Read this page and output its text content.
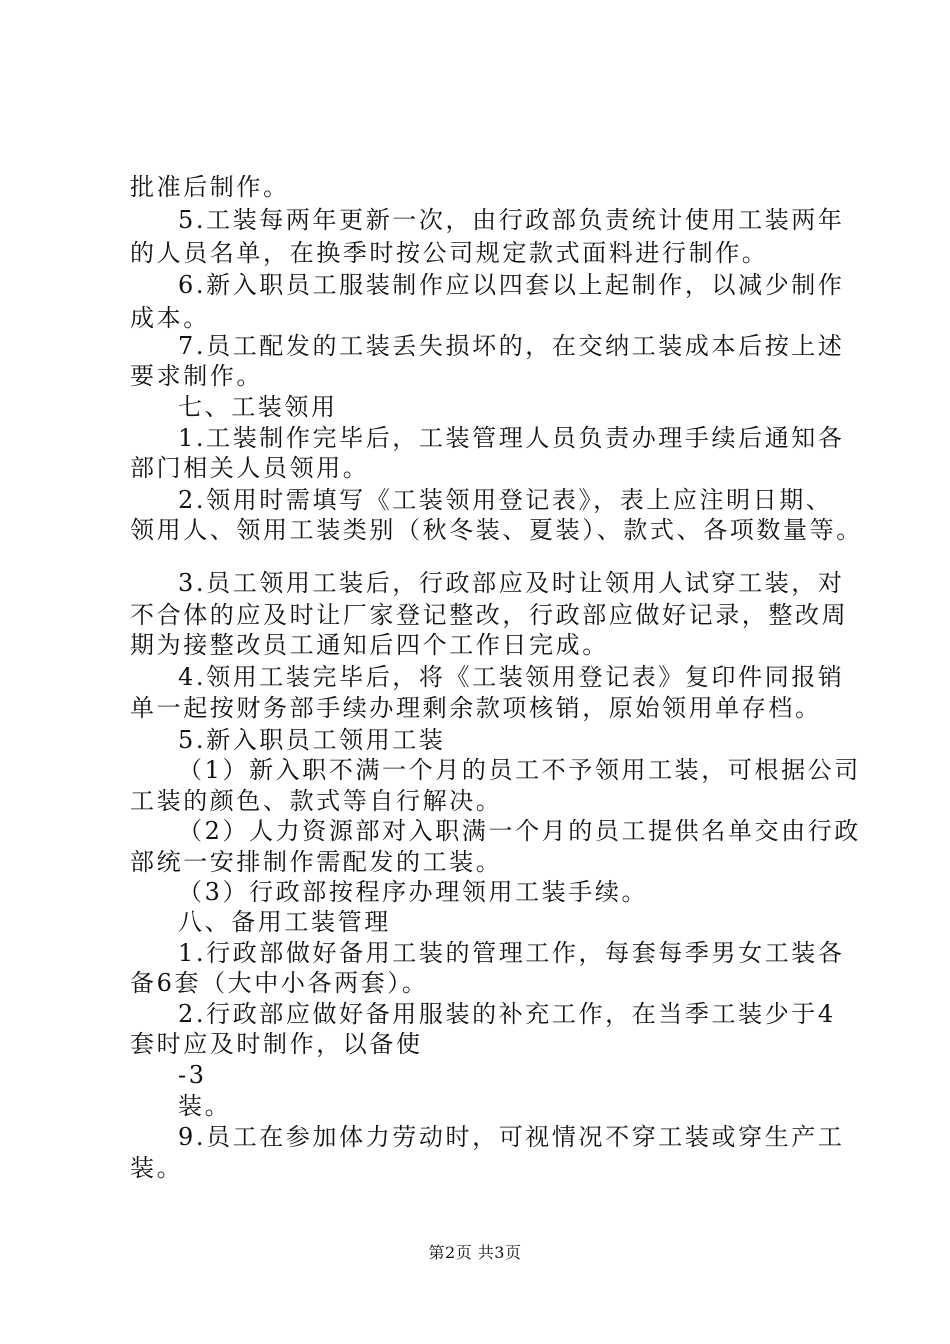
批准后制作。
5.工装每两年更新一次，由行政部负责统计使用工装两年
的人员名单，在换季时按公司规定款式面料进行制作。
6.新入职员工服装制作应以四套以上起制作，以减少制作
成本。
7.员工配发的工装丢失损坏的，在交纳工装成本后按上述
要求制作。
七、工装领用
1.工装制作完毕后，工装管理人员负责办理手续后通知各
部门相关人员领用。
2.领用时需填写《工装领用登记表》，表上应注明日期、
领用人、领用工装类别（秋冬装、夏装）、款式、各项数量等。
3.员工领用工装后，行政部应及时让领用人试穿工装，对
不合体的应及时让厂家登记整改，行政部应做好记录，整改周
期为接整改员工通知后四个工作日完成。
4.领用工装完毕后，将《工装领用登记表》复印件同报销
单一起按财务部手续办理剩余款项核销，原始领用单存档。
5.新入职员工领用工装
（1）新入职不满一个月的员工不予领用工装，可根据公司
工装的颜色、款式等自行解决。
（2）人力资源部对入职满一个月的员工提供名单交由行政
部统一安排制作需配发的工装。
（3）行政部按程序办理领用工装手续。
八、备用工装管理
1.行政部做好备用工装的管理工作，每套每季男女工装各
备6套（大中小各两套）。
2.行政部应做好备用服装的补充工作，在当季工装少于4
套时应及时制作，以备使
-3
装。
9.员工在参加体力劳动时，可视情况不穿工装或穿生产工
装。
第2页 共3页
